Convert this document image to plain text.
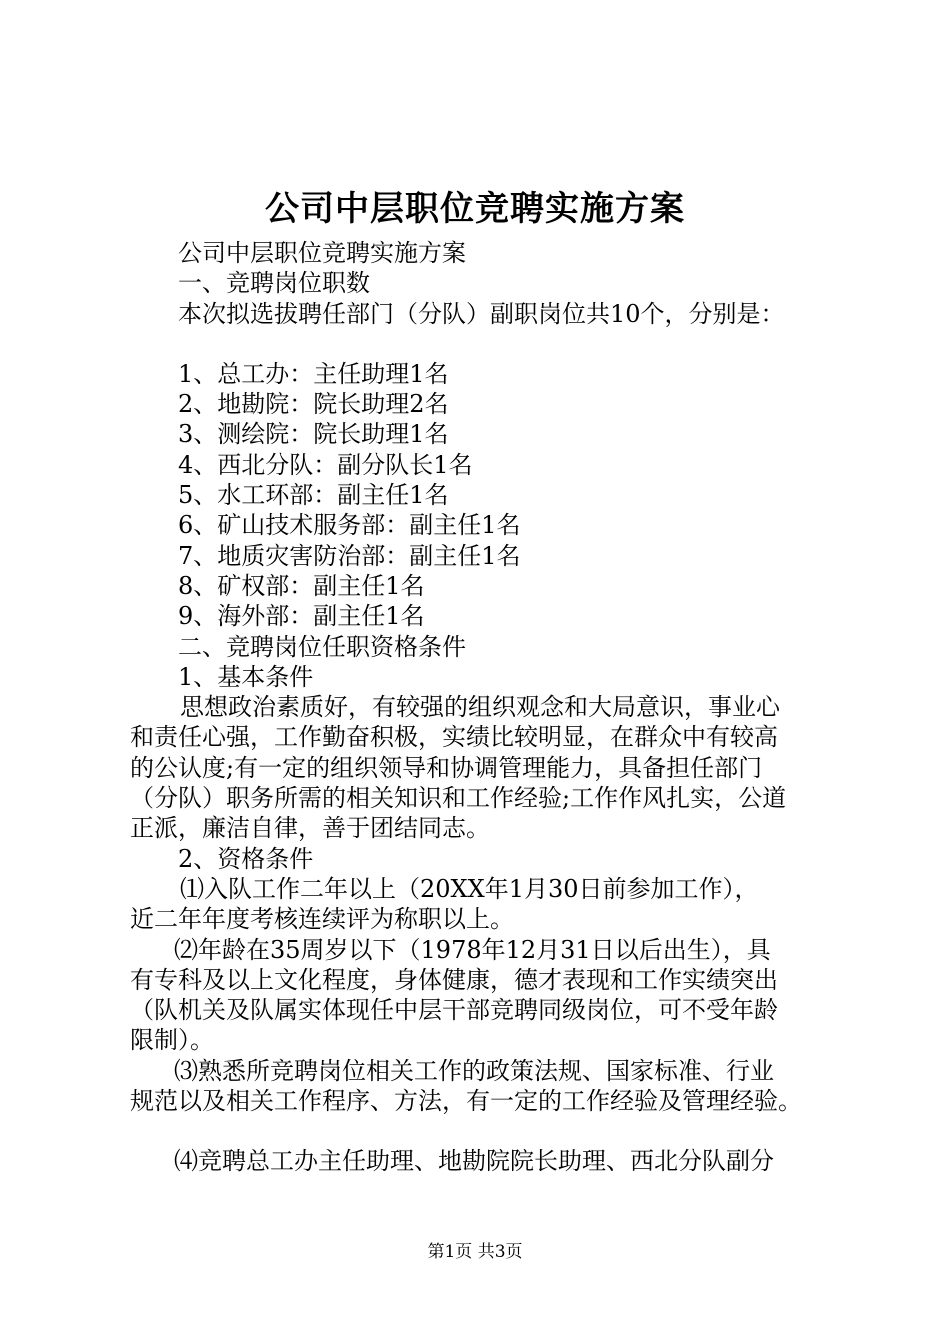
公司中层职位竞聘实施方案
公司中层职位竞聘实施方案
一、竞聘岗位职数
本次拟选拔聘任部门（分队）副职岗位共10个，分别是：
1、总工办：主任助理1名
2、地勘院：院长助理2名
3、测绘院：院长助理1名
4、西北分队：副分队长1名
5、水工环部：副主任1名
6、矿山技术服务部：副主任1名
7、地质灾害防治部：副主任1名
8、矿权部：副主任1名
9、海外部：副主任1名
二、竞聘岗位任职资格条件
1、基本条件
思想政治素质好，有较强的组织观念和大局意识，事业心
和责任心强，工作勤奋积极，实绩比较明显，在群众中有较高
的公认度;有一定的组织领导和协调管理能力，具备担任部门
（分队）职务所需的相关知识和工作经验;工作作风扎实，公道
正派，廉洁自律，善于团结同志。
2、资格条件
⑴入队工作二年以上（20XX年1月30日前参加工作），
近二年年度考核连续评为称职以上。
⑵年龄在35周岁以下（1978年12月31日以后出生），具
有专科及以上文化程度，身体健康，德才表现和工作实绩突出
（队机关及队属实体现任中层干部竞聘同级岗位，可不受年龄
限制）。
⑶熟悉所竞聘岗位相关工作的政策法规、国家标准、行业
规范以及相关工作程序、方法，有一定的工作经验及管理经验。
⑷竞聘总工办主任助理、地勘院院长助理、西北分队副分
第1页 共3页
